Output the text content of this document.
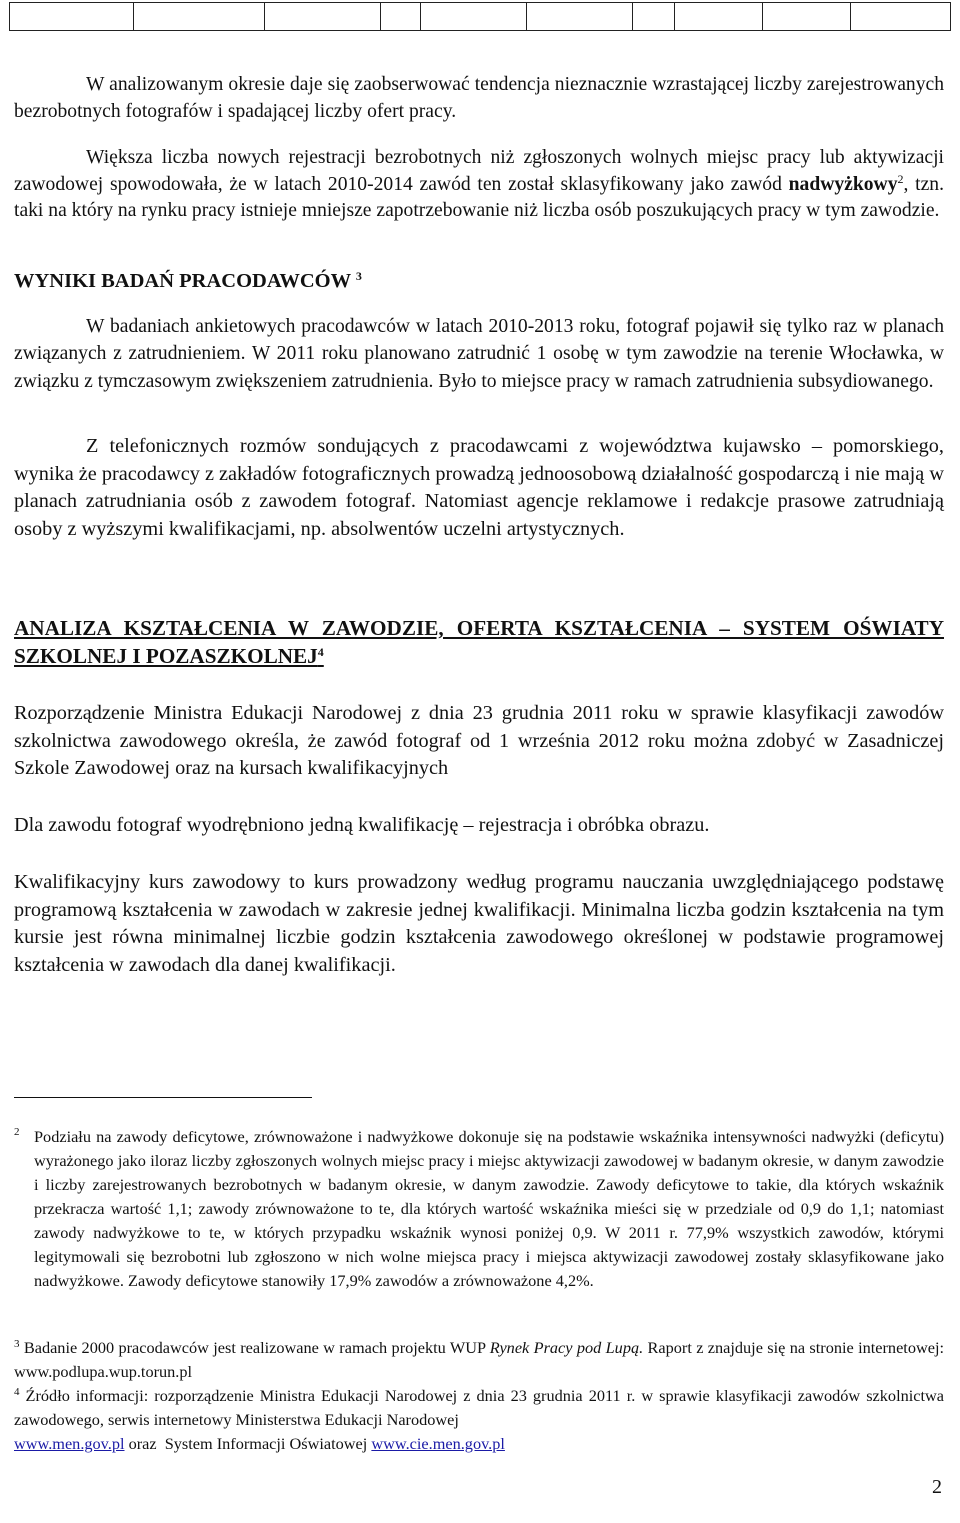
W analizowanym okresie daje się zaobserwować tendencja nieznacznie wzrastającej liczby zarejestrowanych bezrobotnych fotografów i spadającej liczby ofert pracy.

Większa liczba nowych rejestracji bezrobotnych niż zgłoszonych wolnych miejsc pracy lub aktywizacji zawodowej spowodowała, że w latach 2010-2014 zawód ten został sklasyfikowany jako zawód nadwyżkowy$^2$, tzn. taki na który na rynku pracy istnieje mniejsze zapotrzebowanie niż liczba osób poszukujących pracy w tym zawodzie.

WYNIKI BADAŃ PRACODAWCÓW $^3$

W badaniach ankietowych pracodawców w latach 2010-2013 roku, fotograf pojawił się tylko raz w planach związanych z zatrudnieniem. W 2011 roku planowano zatrudnić 1 osobę w tym zawodzie na terenie Włocławka, w związku z tymczasowym zwiększeniem zatrudnienia. Było to miejsce pracy w ramach zatrudnienia subsydiowanego.

Z telefonicznych rozmów sondujących z pracodawcami z województwa kujawsko – pomorskiego, wynika że pracodawcy z zakładów fotograficznych prowadzą jednoosobową działalność gospodarczą i nie mają w planach zatrudniania osób z zawodem fotograf. Natomiast agencje reklamowe i redakcje prasowe zatrudniają osoby z wyższymi kwalifikacjami, np. absolwentów uczelni artystycznych.

ANALIZA KSZTAŁCENIA W ZAWODZIE, OFERTA KSZTAŁCENIA – SYSTEM OŚWIATY SZKOLNEJ I POZASZKOLNEJ$^4$

Rozporządzenie Ministra Edukacji Narodowej z dnia 23 grudnia 2011 roku w sprawie klasyfikacji zawodów szkolnictwa zawodowego określa, że zawód fotograf od 1 września 2012 roku można zdobyć w Zasadniczej Szkole Zawodowej oraz na kursach kwalifikacyjnych

Dla zawodu fotograf wyodrębniono jedną kwalifikację – rejestracja i obróbka obrazu.

Kwalifikacyjny kurs zawodowy to kurs prowadzony według programu nauczania uwzględniającego podstawę programową kształcenia w zawodach w zakresie jednej kwalifikacji. Minimalna liczba godzin kształcenia na tym kursie jest równa minimalnej liczbie godzin kształcenia zawodowego określonej w podstawie programowej kształcenia w zawodach dla danej kwalifikacji.

2 Podziału na zawody deficytowe, zrównoważone i nadwyżkowe dokonuje się na podstawie wskaźnika intensywności nadwyżki (deficytu) wyrażonego jako iloraz liczby zgłoszonych wolnych miejsc pracy i miejsc aktywizacji zawodowej w badanym okresie, w danym zawodzie i liczby zarejestrowanych bezrobotnych w badanym okresie, w danym zawodzie. Zawody deficytowe to takie, dla których wskaźnik przekracza wartość 1,1; zawody zrównoważone to te, dla których wartość wskaźnika mieści się w przedziale od 0,9 do 1,1; natomiast zawody nadwyżkowe to te, w których przypadku wskaźnik wynosi poniżej 0,9. W 2011 r. 77,9% wszystkich zawodów, którymi legitymowali się bezrobotni lub zgłoszono w nich wolne miejsca pracy i miejsca aktywizacji zawodowej zostały sklasyfikowane jako nadwyżkowe. Zawody deficytowe stanowiły 17,9% zawodów a zrównoważone 4,2%.

$^3$ Badanie 2000 pracodawców jest realizowane w ramach projektu WUP Rynek Pracy pod Lupą. Raport z znajduje się na stronie internetowej: www.podlupa.wup.torun.pl

$^4$ Źródło informacji: rozporządzenie Ministra Edukacji Narodowej z dnia 23 grudnia 2011 r. w sprawie klasyfikacji zawodów szkolnictwa zawodowego, serwis internetowy Ministerstwa Edukacji Narodowej
www.men.gov.pl oraz  System Informacji Oświatowej www.cie.men.gov.pl

2
